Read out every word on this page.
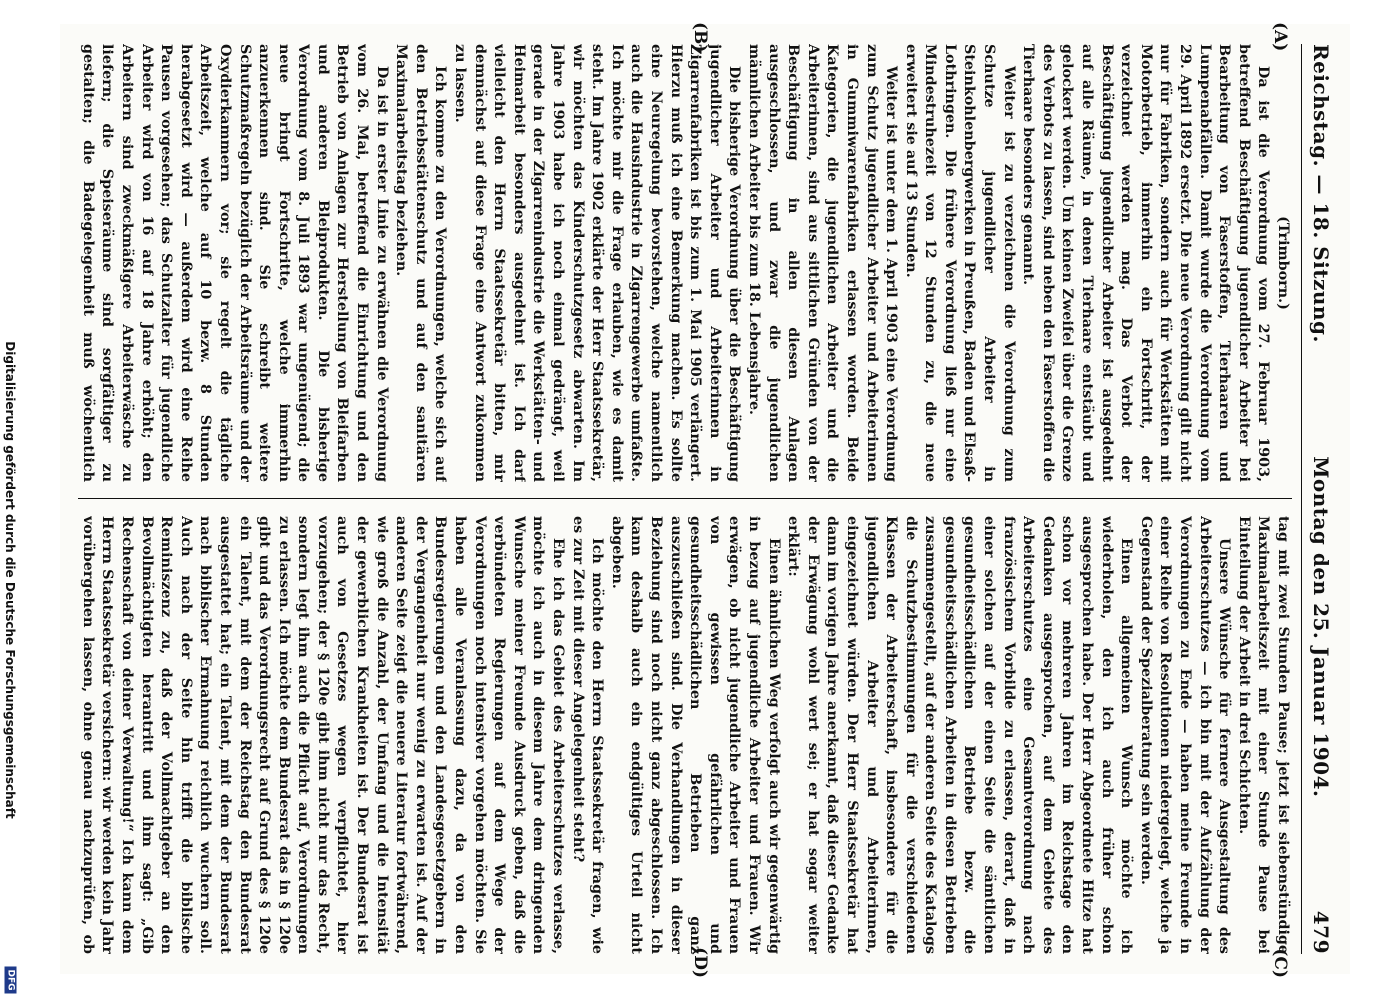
Digitalisierung gefördert durch die Deutsche Forschungsgemeinschaft
DFG
Reichstag. — 18. Sitzung.
Montag den 25. Januar 1904.
479
(A)
(B)
(C)
(D)

(Trimborn.)

Da ist die Verordnung vom 27. Februar 1903, betreffend Beschäftigung jugendlicher Arbeiter bei Bearbeitung von Faserstoffen, Tierhaaren und Lumpenabfällen. Damit wurde die Verordnung vom 29. April 1892 ersetzt. Die neue Verordnung gilt nicht nur für Fabriken, sondern auch für Werkstätten mit Motorbetrieb, immerhin ein Fortschritt, der verzeichnet werden mag. Das Verbot der Beschäftigung jugendlicher Arbeiter ist ausgedehnt auf alle Räume, in denen Tierhaare entstäubt und gelockert werden. Um keinen Zweifel über die Grenze des Verbots zu lassen, sind neben den Faserstoffen die Tierhaare besonders genannt.

Weiter ist zu verzeichnen die Verordnung zum Schutze jugendlicher Arbeiter in Steinkohlenbergwerken in Preußen, Baden und Elsaß-Lothringen. Die frühere Verordnung ließ nur eine Mindestruhezeit von 12 Stunden zu, die neue erweitert sie auf 13 Stunden.

Weiter ist unter dem 1. April 1903 eine Verordnung zum Schutz jugendlicher Arbeiter und Arbeiterinnen in Gummiwarenfabriken erlassen worden. Beide Kategorien, die jugendlichen Arbeiter und die Arbeiterinnen, sind aus sittlichen Gründen von der Beschäftigung in allen diesen Anlagen ausgeschlossen, und zwar die jugendlichen männlichen Arbeiter bis zum 18. Lebensjahre.

Die bisherige Verordnung über die Beschäftigung jugendlicher Arbeiter und Arbeiterinnen in Zigarrenfabriken ist bis zum 1. Mai 1905 verlängert. Hierzu muß ich eine Bemerkung machen. Es sollte eine Neuregelung bevorstehen, welche namentlich auch die Hausindustrie in Zigarrengewerbe umfaßte. Ich möchte mir die Frage erlauben, wie es damit steht. Im Jahre 1902 erklärte der Herr Staatssekretär, wir möchten das Kinderschutzgesetz abwarten. Im Jahre 1903 habe ich noch einmal gedrängt, weil gerade in der Zigarrenindustrie die Werkstätten- und Heimarbeit besonders ausgedehnt ist. Ich darf vielleicht den Herrn Staatssekretär bitten, mir demnächst auf diese Frage eine Antwort zukommen zu lassen.

Ich komme zu den Verordnungen, welche sich auf den Betriebsstättenschutz und auf den sanitären Maximalarbeitstag beziehen.

Da ist in erster Linie zu erwähnen die Verordnung vom 26. Mai, betreffend die Einrichtung und den Betrieb von Anlagen zur Herstellung von Bleifarben und anderen Bleiprodukten. Die bisherige Verordnung vom 8. Juli 1893 war ungenügend; die neue bringt Fortschritte, welche immerhin anzuerkennen sind. Sie schreibt weitere Schutzmaßregeln bezüglich der Arbeitsräume und der Oxydierkammern vor; sie regelt die tägliche Arbeitszeit, welche auf 10 bezw. 8 Stunden herabgesetzt wird — außerdem wird eine Reihe Pausen vorgesehen; das Schutzalter für jugendliche Arbeiter wird von 16 auf 18 Jahre erhöht; den Arbeitern sind zweckmäßigere Arbeiterwäsche zu liefern; die Speiseräume sind sorgfältiger zu gestalten; die Badegelegenheit muß wöchentlich

tag mit zwei Stunden Pause; jetzt ist siebenstündige Maximalarbeitszeit mit einer Stunde Pause bei Einteilung der Arbeit in drei Schichten.

Unsere Wünsche für fernere Ausgestaltung des Arbeiterschutzes — ich bin mit der Aufzählung der Verordnungen zu Ende — haben meine Freunde in einer Reihe von Resolutionen niedergelegt, welche ja Gegenstand der Spezialberatung sein werden.

Einen allgemeinen Wunsch möchte ich wiederholen, den ich auch früher schon ausgesprochen habe. Der Herr Abgeordnete Hitze hat schon vor mehreren Jahren im Reichstage den Gedanken ausgesprochen, auf dem Gebiete des Arbeiterschutzes eine Gesamtverordnung nach französischem Vorbilde zu erlassen, derart, daß in einer solchen auf der einen Seite die sämtlichen gesundheitsschädlichen Betriebe bezw. die gesundheitsschädlichen Arbeiten in diesen Betrieben zusammengestellt, auf der anderen Seite des Katalogs die Schutzbestimmungen für die verschiedenen Klassen der Arbeiterschaft, insbesondere für die jugendlichen Arbeiter und Arbeiterinnen, eingezeichnet würden. Der Herr Staatssekretär hat dann im vorigen Jahre anerkannt, daß dieser Gedanke der Erwägung wohl wert sei; er hat sogar weiter erklärt:

Einen ähnlichen Weg verfolgt auch wir gegenwärtig in bezug auf jugendliche Arbeiter und Frauen. Wir erwägen, ob nicht jugendliche Arbeiter und Frauen von gewissen gefährlichen und gesundheitsschädlichen Betrieben ganz auszuschließen sind. Die Verhandlungen in dieser Beziehung sind noch nicht ganz abgeschlossen. Ich kann deshalb auch ein endgültiges Urteil nicht abgeben.

Ich möchte den Herrn Staatssekretär fragen, wie es zur Zeit mit dieser Angelegenheit steht?

Ehe ich das Gebiet des Arbeiterschutzes verlasse, möchte ich auch in diesem Jahre dem dringenden Wunsche meiner Freunde Ausdruck geben, daß die verbündeten Regierungen auf dem Wege der Verordnungen noch intensiver vorgehen möchten. Sie haben alle Veranlassung dazu, da von den Bundesregierungen und den Landesgesetzgebern in der Vergangenheit nur wenig zu erwarten ist. Auf der anderen Seite zeigt die neuere Literatur fortwährend, wie groß die Anzahl, der Umfang und die Intensität der gewerblichen Krankheiten ist. Der Bundesrat ist auch von Gesetzes wegen verpflichtet, hier vorzugehen; der § 120e gibt ihm nicht nur das Recht, sondern legt ihm auch die Pflicht auf, Verordnungen zu erlassen. Ich möchte dem Bundesrat das in § 120e gibt und das Verordnungsrecht auf Grund des § 120e ein Talent, mit dem der Reichstag den Bundesrat ausgestattet hat; ein Talent, mit dem der Bundesrat nach biblischer Ermahnung reichlich wuchern soll. Auch nach der Seite hin trifft die biblische Reminiszenz zu, daß der Vollmachtgeber an den Bevollmächtigten herantritt und ihm sagt: „Gib Rechenschaft von deiner Verwaltung!“ Ich kann dem Herrn Staatssekretär versichern: wir werden kein Jahr vorübergehen lassen, ohne genau nachzuprüfen, ob
